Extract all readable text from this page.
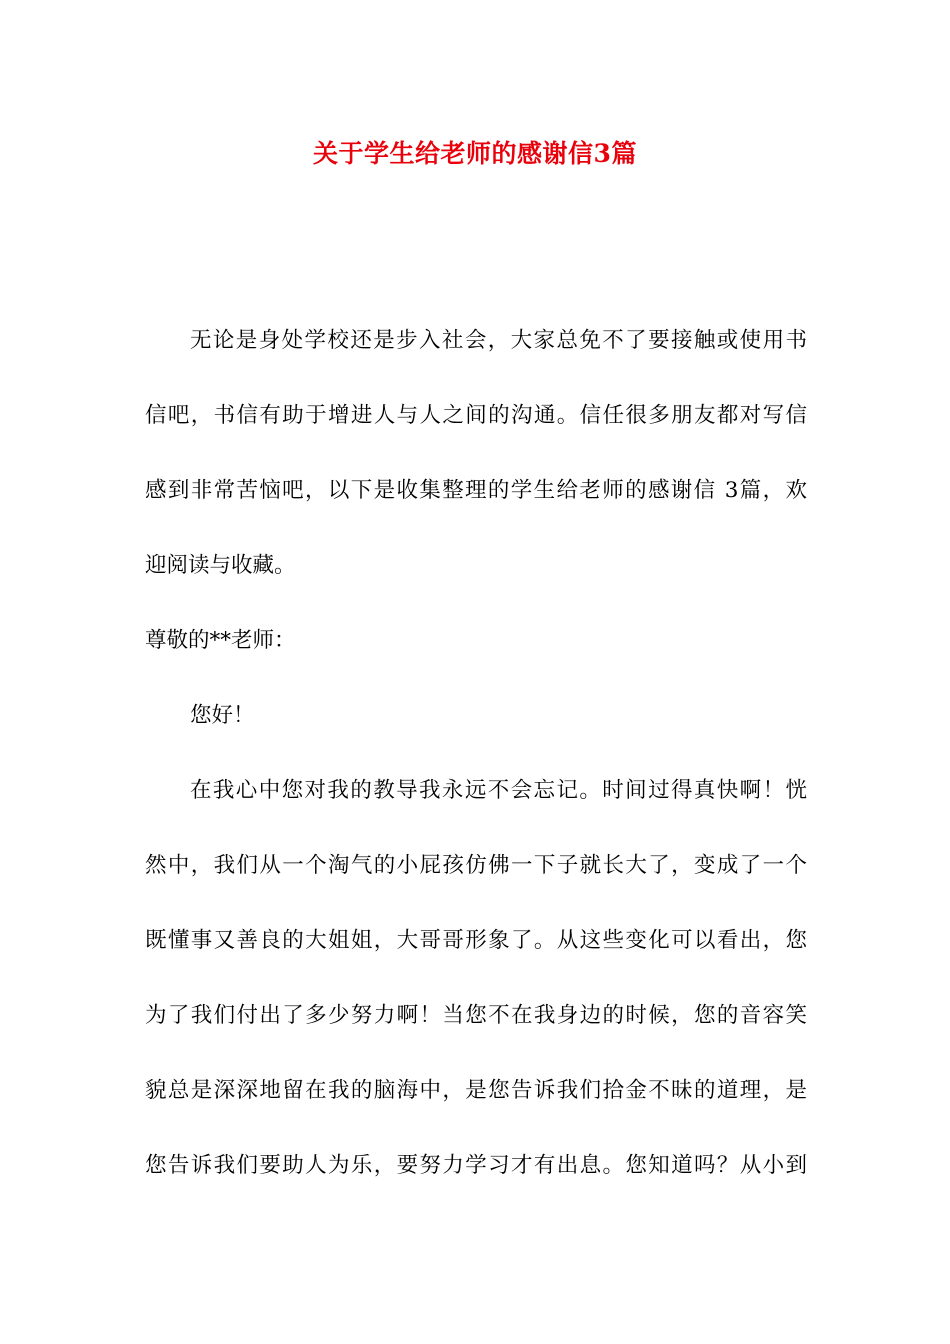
关于学生给老师的感谢信3篇
无论是身处学校还是步入社会，大家总免不了要接触或使用书
信吧，书信有助于增进人与人之间的沟通。信任很多朋友都对写信
感到非常苦恼吧，以下是收集整理的学生给老师的感谢信 3篇，欢
迎阅读与收藏。
尊敬的**老师：
您好！
在我心中您对我的教导我永远不会忘记。时间过得真快啊！恍
然中，我们从一个淘气的小屁孩仿佛一下子就长大了，变成了一个
既懂事又善良的大姐姐，大哥哥形象了。从这些变化可以看出，您
为了我们付出了多少努力啊！当您不在我身边的时候，您的音容笑
貌总是深深地留在我的脑海中，是您告诉我们拾金不昧的道理，是
您告诉我们要助人为乐，要努力学习才有出息。您知道吗？从小到
